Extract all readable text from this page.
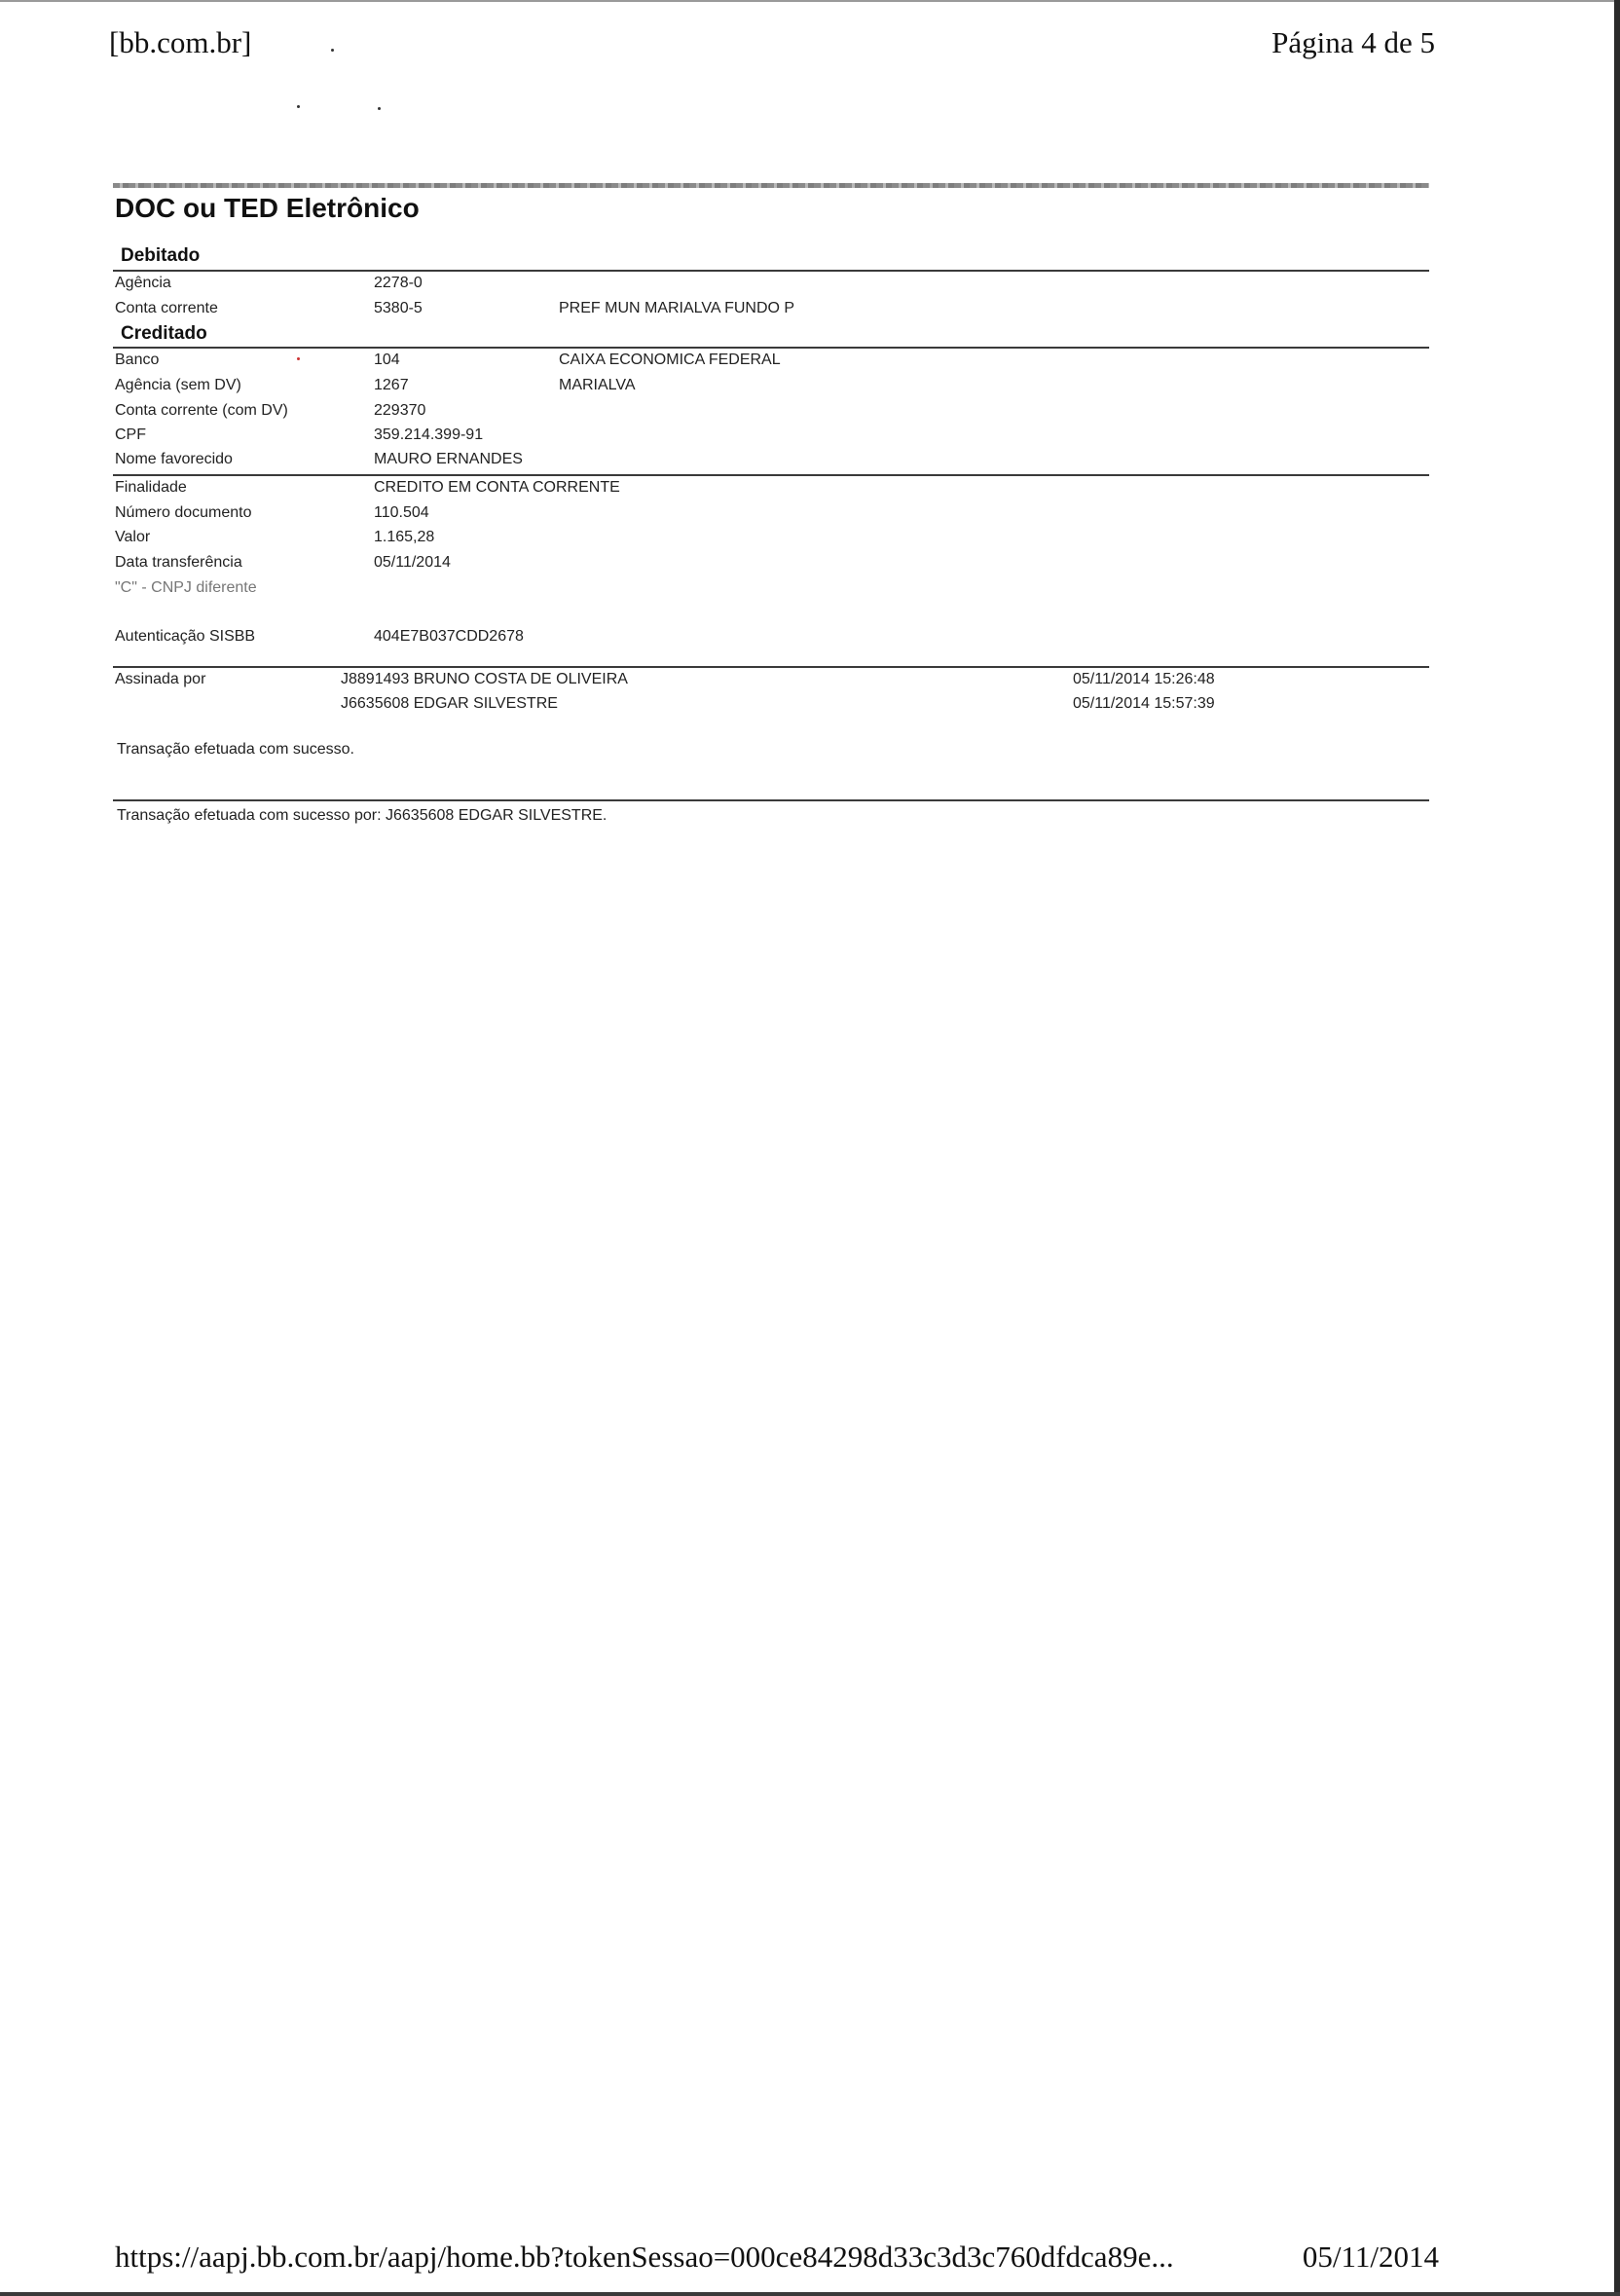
[bb.com.br]	Página 4 de 5
DOC ou TED Eletrônico
Debitado
Agência	2278-0
Conta corrente	5380-5	PREF MUN MARIALVA FUNDO P
Creditado
Banco	104	CAIXA ECONOMICA FEDERAL
Agência (sem DV)	1267	MARIALVA
Conta corrente (com DV)	229370
CPF	359.214.399-91
Nome favorecido	MAURO ERNANDES
Finalidade	CREDITO EM CONTA CORRENTE
Número documento	110.504
Valor	1.165,28
Data transferência	05/11/2014
"C" - CNPJ diferente
Autenticação SISBB	404E7B037CDD2678
Assinada por	J8891493 BRUNO COSTA DE OLIVEIRA	05/11/2014 15:26:48
J6635608 EDGAR SILVESTRE	05/11/2014 15:57:39
Transação efetuada com sucesso.
Transação efetuada com sucesso por: J6635608 EDGAR SILVESTRE.
https://aapj.bb.com.br/aapj/home.bb?tokenSessao=000ce84298d33c3d3c760dfdca89e...	05/11/2014
